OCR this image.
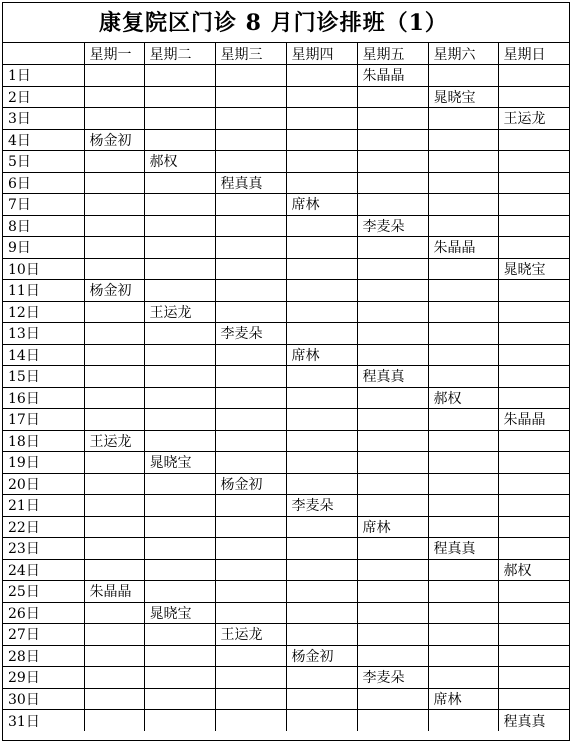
康复院区门诊 8 月门诊排班（1）
	星期一	星期二	星期三	星期四	星期五	星期六	星期日
1日					朱晶晶		
2日						晁晓宝	
3日							王运龙
4日	杨金初						
5日		郝权					
6日			程真真				
7日				席林			
8日					李麦朵		
9日						朱晶晶	
10日							晁晓宝
11日	杨金初						
12日		王运龙					
13日			李麦朵				
14日				席林			
15日					程真真		
16日						郝权	
17日							朱晶晶
18日	王运龙						
19日		晁晓宝					
20日			杨金初				
21日				李麦朵			
22日					席林		
23日						程真真	
24日							郝权
25日	朱晶晶						
26日		晁晓宝					
27日			王运龙				
28日				杨金初			
29日					李麦朵		
30日						席林	
31日							程真真
